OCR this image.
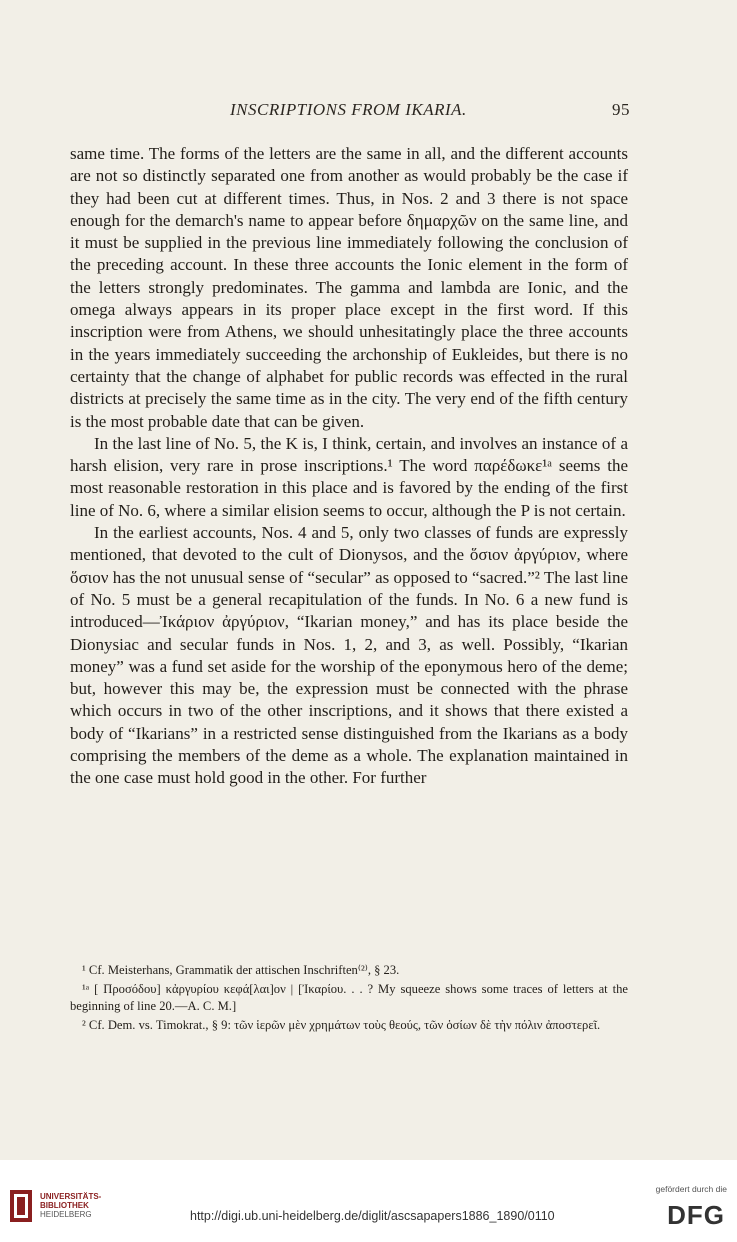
INSCRIPTIONS FROM IKARIA.	95

same time. The forms of the letters are the same in all, and the different accounts are not so distinctly separated one from another as would probably be the case if they had been cut at different times. Thus, in Nos. 2 and 3 there is not space enough for the demarch's name to appear before δημαρχῶν on the same line, and it must be supplied in the previous line immediately following the conclusion of the preceding account. In these three accounts the Ionic element in the form of the letters strongly predominates. The gamma and lambda are Ionic, and the omega always appears in its proper place except in the first word. If this inscription were from Athens, we should unhesitatingly place the three accounts in the years immediately succeeding the archonship of Eukleides, but there is no certainty that the change of alphabet for public records was effected in the rural districts at precisely the same time as in the city. The very end of the fifth century is the most probable date that can be given.

In the last line of No. 5, the K is, I think, certain, and involves an instance of a harsh elision, very rare in prose inscriptions.¹ The word παρέδωκε¹ᵃ seems the most reasonable restoration in this place and is favored by the ending of the first line of No. 6, where a similar elision seems to occur, although the P is not certain.

In the earliest accounts, Nos. 4 and 5, only two classes of funds are expressly mentioned, that devoted to the cult of Dionysos, and the ὅσιον ἀργύριον, where ὅσιον has the not unusual sense of “secular” as opposed to “sacred.”² The last line of No. 5 must be a general recapitulation of the funds. In No. 6 a new fund is introduced—Ἰκάριον ἀργύριον, “Ikarian money,” and has its place beside the Dionysiac and secular funds in Nos. 1, 2, and 3, as well. Possibly, “Ikarian money” was a fund set aside for the worship of the eponymous hero of the deme; but, however this may be, the expression must be connected with the phrase which occurs in two of the other inscriptions, and it shows that there existed a body of “Ikarians” in a restricted sense distinguished from the Ikarians as a body comprising the members of the deme as a whole. The explanation maintained in the one case must hold good in the other. For further

¹ Cf. Meisterhans, Grammatik der attischen Inschriften⁽²⁾, § 23.

¹ᵃ [ Προσόδου] κἀργυρίου κεφά[λαι]ον | [Ἰκαρίου. . . ? My squeeze shows some traces of letters at the beginning of line 20.—A. C. M.]

² Cf. Dem. vs. Timokrat., § 9: τῶν ἱερῶν μὲν χρημάτων τοὺς θεούς, τῶν ὁσίων δὲ τὴν πόλιν ἀποστερεῖ.

UNIVERSITÄTS-
BIBLIOTHEK
HEIDELBERG	http://digi.ub.uni-heidelberg.de/diglit/ascsapapers1886_1890/0110
gefördert durch die
DFG
